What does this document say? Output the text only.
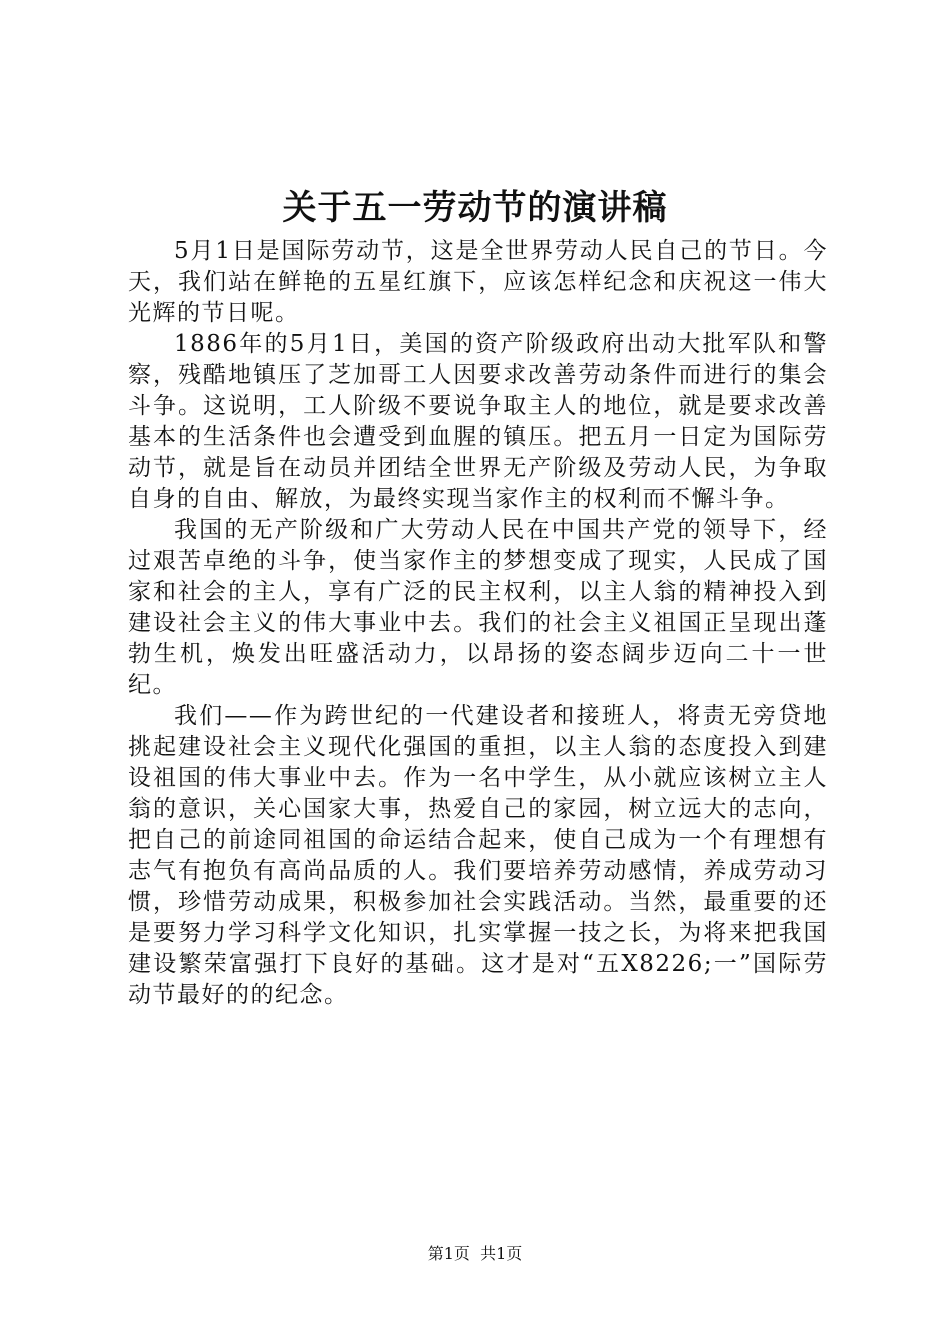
关于五一劳动节的演讲稿

5月1日是国际劳动节，这是全世界劳动人民自己的节日。今天，我们站在鲜艳的五星红旗下，应该怎样纪念和庆祝这一伟大光辉的节日呢。

1886年的5月1日，美国的资产阶级政府出动大批军队和警察，残酷地镇压了芝加哥工人因要求改善劳动条件而进行的集会斗争。这说明，工人阶级不要说争取主人的地位，就是要求改善基本的生活条件也会遭受到血腥的镇压。把五月一日定为国际劳动节，就是旨在动员并团结全世界无产阶级及劳动人民，为争取自身的自由、解放，为最终实现当家作主的权利而不懈斗争。

我国的无产阶级和广大劳动人民在中国共产党的领导下，经过艰苦卓绝的斗争，使当家作主的梦想变成了现实，人民成了国家和社会的主人，享有广泛的民主权利，以主人翁的精神投入到建设社会主义的伟大事业中去。我们的社会主义祖国正呈现出蓬勃生机，焕发出旺盛活动力，以昂扬的姿态阔步迈向二十一世纪。

我们——作为跨世纪的一代建设者和接班人，将责无旁贷地挑起建设社会主义现代化强国的重担，以主人翁的态度投入到建设祖国的伟大事业中去。作为一名中学生，从小就应该树立主人翁的意识，关心国家大事，热爱自己的家园，树立远大的志向，把自己的前途同祖国的命运结合起来，使自己成为一个有理想有志气有抱负有高尚品质的人。我们要培养劳动感情，养成劳动习惯，珍惜劳动成果，积极参加社会实践活动。当然，最重要的还是要努力学习科学文化知识，扎实掌握一技之长，为将来把我国建设繁荣富强打下良好的基础。这才是对“五X8226;一”国际劳动节最好的的纪念。

第1页  共1页
